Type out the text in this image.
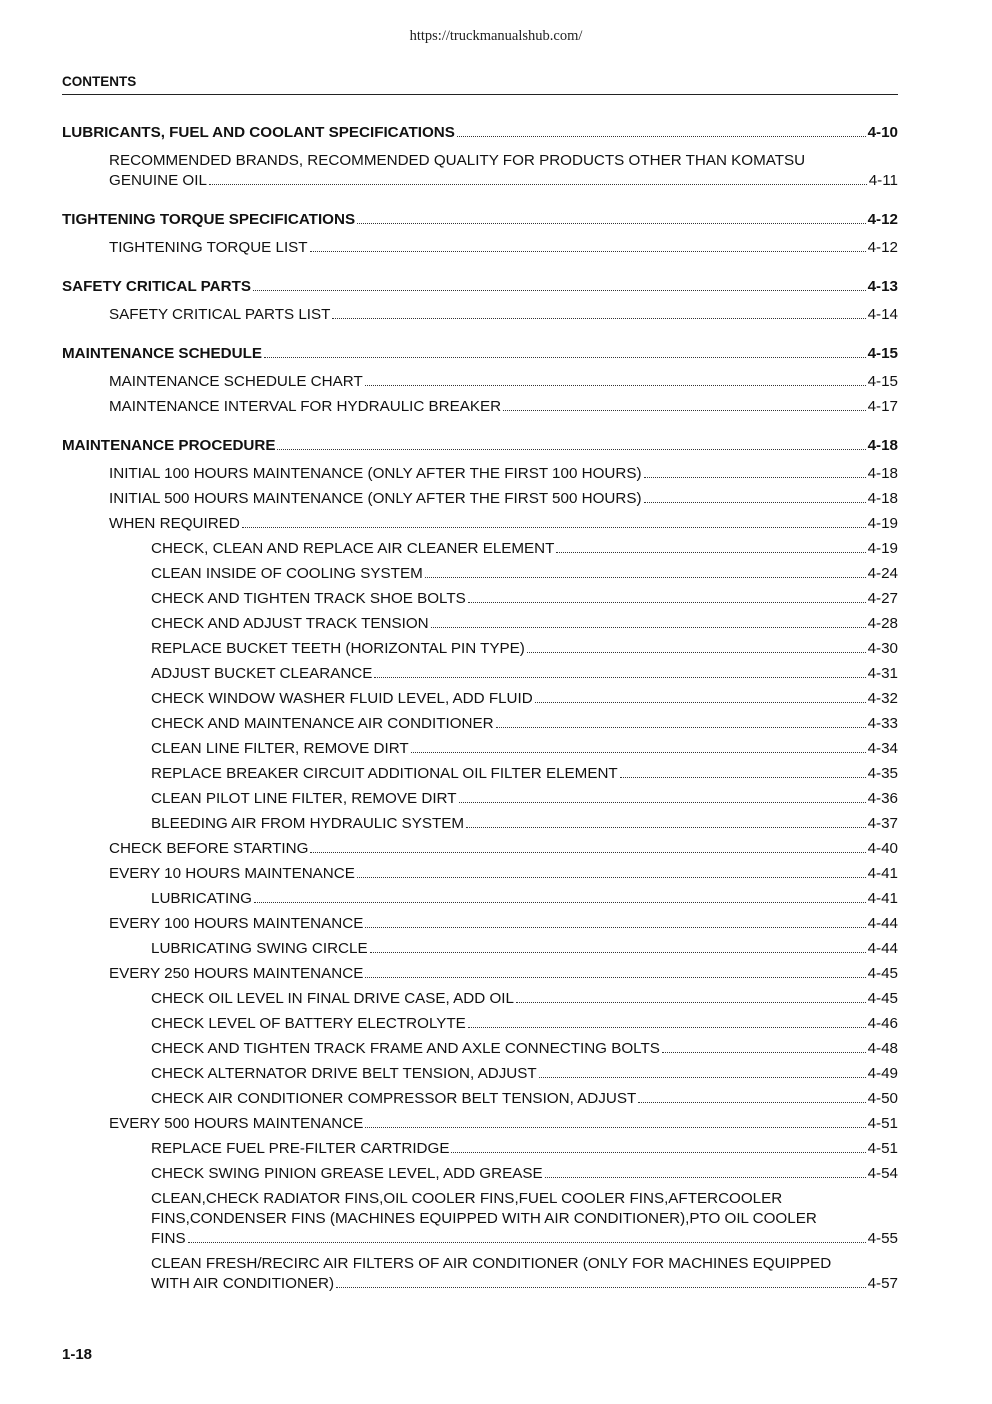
https://truckmanualshub.com/
CONTENTS
LUBRICANTS, FUEL AND COOLANT SPECIFICATIONS	4-10
RECOMMENDED BRANDS, RECOMMENDED QUALITY FOR PRODUCTS OTHER THAN KOMATSU
GENUINE OIL	4-11
TIGHTENING TORQUE SPECIFICATIONS	4-12
TIGHTENING TORQUE LIST	4-12
SAFETY CRITICAL PARTS	4-13
SAFETY CRITICAL PARTS LIST	4-14
MAINTENANCE SCHEDULE	4-15
MAINTENANCE SCHEDULE CHART	4-15
MAINTENANCE INTERVAL FOR HYDRAULIC BREAKER	4-17
MAINTENANCE PROCEDURE	4-18
INITIAL 100 HOURS MAINTENANCE (ONLY AFTER THE FIRST 100 HOURS)	4-18
INITIAL 500 HOURS MAINTENANCE (ONLY AFTER THE FIRST 500 HOURS)	4-18
WHEN REQUIRED	4-19
CHECK, CLEAN AND REPLACE AIR CLEANER ELEMENT	4-19
CLEAN INSIDE OF COOLING SYSTEM	4-24
CHECK AND TIGHTEN TRACK SHOE BOLTS	4-27
CHECK AND ADJUST TRACK TENSION	4-28
REPLACE BUCKET TEETH (HORIZONTAL PIN TYPE)	4-30
ADJUST BUCKET CLEARANCE	4-31
CHECK WINDOW WASHER FLUID LEVEL, ADD FLUID	4-32
CHECK AND MAINTENANCE AIR CONDITIONER	4-33
CLEAN LINE FILTER, REMOVE DIRT	4-34
REPLACE BREAKER CIRCUIT ADDITIONAL OIL FILTER ELEMENT	4-35
CLEAN PILOT LINE FILTER, REMOVE DIRT	4-36
BLEEDING AIR FROM HYDRAULIC SYSTEM	4-37
CHECK BEFORE STARTING	4-40
EVERY 10 HOURS MAINTENANCE	4-41
LUBRICATING	4-41
EVERY 100 HOURS MAINTENANCE	4-44
LUBRICATING SWING CIRCLE	4-44
EVERY 250 HOURS MAINTENANCE	4-45
CHECK OIL LEVEL IN FINAL DRIVE CASE, ADD OIL	4-45
CHECK LEVEL OF BATTERY ELECTROLYTE	4-46
CHECK AND TIGHTEN TRACK FRAME AND AXLE CONNECTING BOLTS	4-48
CHECK ALTERNATOR DRIVE BELT TENSION, ADJUST	4-49
CHECK AIR CONDITIONER COMPRESSOR BELT TENSION, ADJUST	4-50
EVERY 500 HOURS MAINTENANCE	4-51
REPLACE FUEL PRE-FILTER CARTRIDGE	4-51
CHECK SWING PINION GREASE LEVEL, ADD GREASE	4-54
CLEAN,CHECK RADIATOR FINS,OIL COOLER FINS,FUEL COOLER FINS,AFTERCOOLER
FINS,CONDENSER FINS (MACHINES EQUIPPED WITH AIR CONDITIONER),PTO OIL COOLER
FINS	4-55
CLEAN FRESH/RECIRC AIR FILTERS OF AIR CONDITIONER (ONLY FOR MACHINES EQUIPPED
WITH AIR CONDITIONER)	4-57
1-18
